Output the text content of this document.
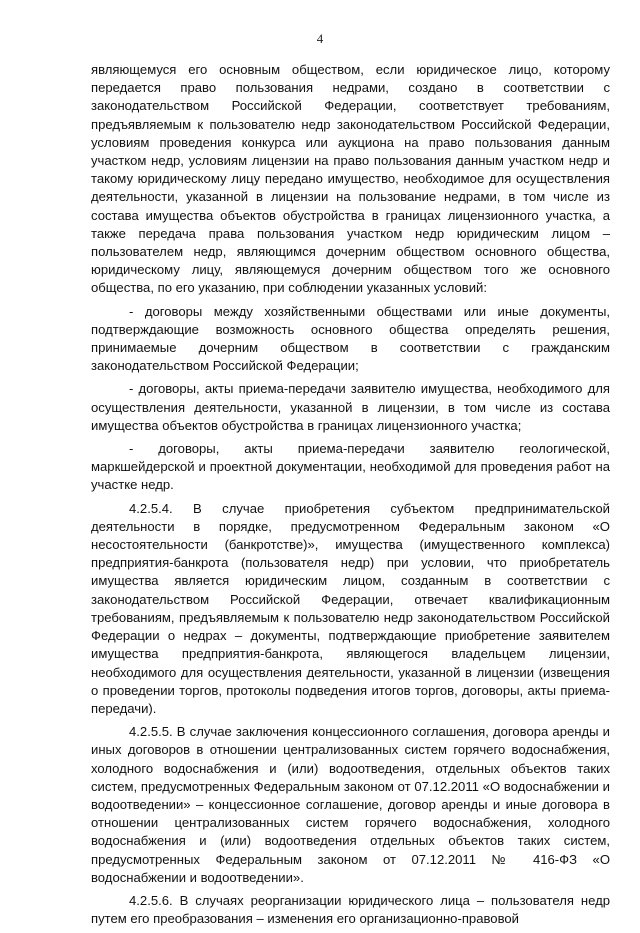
4

являющемуся его основным обществом, если юридическое лицо, которому передается право пользования недрами, создано в соответствии с законодательством Российской Федерации, соответствует требованиям, предъявляемым к пользователю недр законодательством Российской Федерации, условиям проведения конкурса или аукциона на право пользования данным участком недр, условиям лицензии на право пользования данным участком недр и такому юридическому лицу передано имущество, необходимое для осуществления деятельности, указанной в лицензии на пользование недрами, в том числе из состава имущества объектов обустройства в границах лицензионного участка, а также передача права пользования участком недр юридическим лицом – пользователем недр, являющимся дочерним обществом основного общества, юридическому лицу, являющемуся дочерним обществом того же основного общества, по его указанию, при соблюдении указанных условий:

- договоры между хозяйственными обществами или иные документы, подтверждающие возможность основного общества определять решения, принимаемые дочерним обществом в соответствии с гражданским законодательством Российской Федерации;

- договоры, акты приема-передачи заявителю имущества, необходимого для осуществления деятельности, указанной в лицензии, в том числе из состава имущества объектов обустройства в границах лицензионного участка;

- договоры, акты приема-передачи заявителю геологической, маркшейдерской и проектной документации, необходимой для проведения работ на участке недр.

4.2.5.4. В случае приобретения субъектом предпринимательской деятельности в порядке, предусмотренном Федеральным законом «О несостоятельности (банкротстве)», имущества (имущественного комплекса) предприятия-банкрота (пользователя недр) при условии, что приобретатель имущества является юридическим лицом, созданным в соответствии с законодательством Российской Федерации, отвечает квалификационным требованиям, предъявляемым к пользователю недр законодательством Российской Федерации о недрах – документы, подтверждающие приобретение заявителем имущества предприятия-банкрота, являющегося владельцем лицензии, необходимого для осуществления деятельности, указанной в лицензии (извещения о проведении торгов, протоколы подведения итогов торгов, договоры, акты приема-передачи).

4.2.5.5. В случае заключения концессионного соглашения, договора аренды и иных договоров в отношении централизованных систем горячего водоснабжения, холодного водоснабжения и (или) водоотведения, отдельных объектов таких систем, предусмотренных Федеральным законом от 07.12.2011 «О водоснабжении и водоотведении» – концессионное соглашение, договор аренды и иные договора в отношении централизованных систем горячего водоснабжения, холодного водоснабжения и (или) водоотведения отдельных объектов таких систем, предусмотренных Федеральным законом от 07.12.2011 № 416-ФЗ «О водоснабжении и водоотведении».

4.2.5.6. В случаях реорганизации юридического лица – пользователя недр путем его преобразования – изменения его организационно-правовой
